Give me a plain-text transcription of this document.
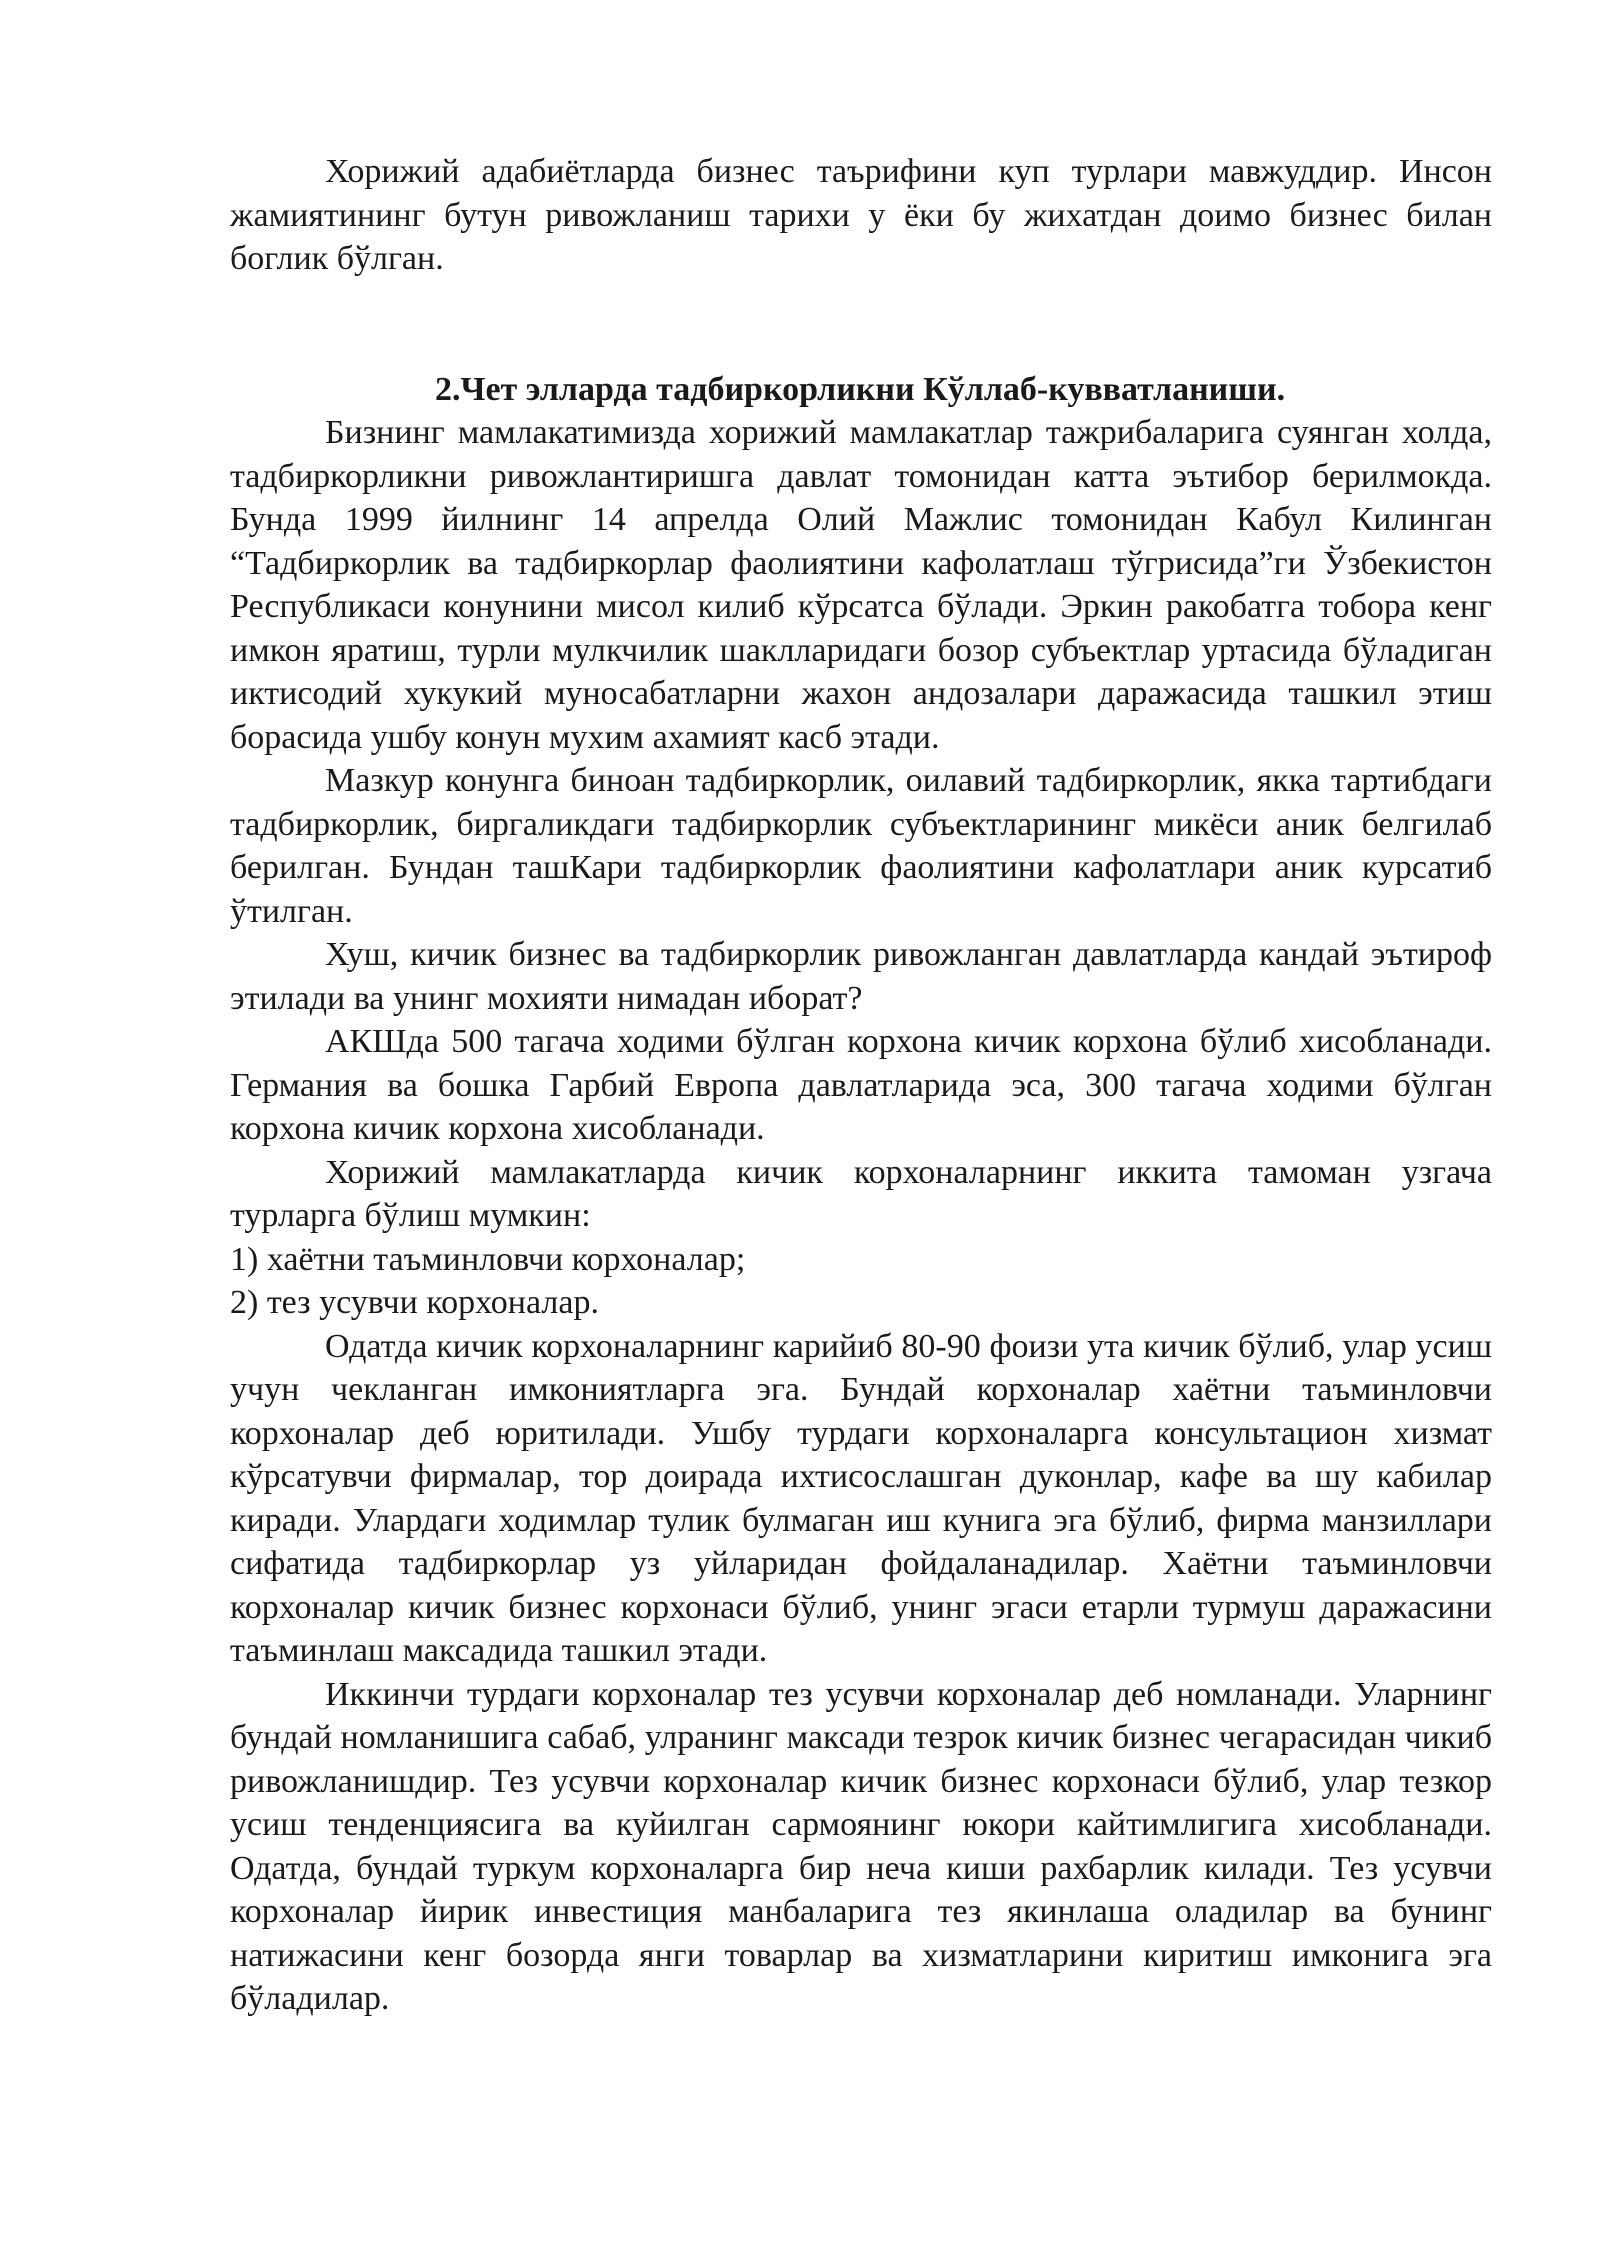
Хорижий адабиётларда бизнес таърифини куп турлари мавжуддир. Инсон жамиятининг бутун ривожланиш тарихи у ёки бу жихатдан доимо бизнес билан боглик бўлган.

2.Чет элларда тадбиркорликни Кўллаб-кувватланиши.

Бизнинг мамлакатимизда хорижий мамлакатлар тажрибаларига суянган холда, тадбиркорликни ривожлантиришга давлат томонидан катта эътибор берилмокда. Бунда 1999 йилнинг 14 апрелда Олий Мажлис томонидан Кабул Килинган “Тадбиркорлик ва тадбиркорлар фаолиятини кафолатлаш тўгрисида”ги Ўзбекистон Республикаси конунини мисол килиб кўрсатса бўлади. Эркин ракобатга тобора кенг имкон яратиш, турли мулкчилик шаклларидаги бозор субъектлар уртасида бўладиган иктисодий хукукий муносабатларни жахон андозалари даражасида ташкил этиш борасида ушбу конун мухим ахамият касб этади.

Мазкур конунга биноан тадбиркорлик, оилавий тадбиркорлик, якка тартибдаги тадбиркорлик, биргаликдаги тадбиркорлик субъектларининг микёси аник белгилаб берилган. Бундан ташКари тадбиркорлик фаолиятини кафолатлари аник курсатиб ўтилган.

Хуш, кичик бизнес ва тадбиркорлик ривожланган давлатларда кандай эътироф этилади ва унинг мохияти нимадан иборат?

АКШда 500 тагача ходими бўлган корхона кичик корхона бўлиб хисобланади. Германия ва бошка Гарбий Европа давлатларида эса, 300 тагача ходими бўлган корхона кичик корхона хисобланади.

Хорижий мамлакатларда кичик корхоналарнинг иккита тамоман узгача турларга бўлиш мумкин:

1) хаётни таъминловчи корхоналар;

2) тез усувчи корхоналар.

Одатда кичик корхоналарнинг карийиб 80-90 фоизи ута кичик бўлиб, улар усиш учун чекланган имкониятларга эга. Бундай корхоналар хаётни таъминловчи корхоналар деб юритилади. Ушбу турдаги корхоналарга консультацион хизмат кўрсатувчи фирмалар, тор доирада ихтисослашган дуконлар, кафе ва шу кабилар киради. Улардаги ходимлар тулик булмаган иш кунига эга бўлиб, фирма манзиллари сифатида тадбиркорлар уз уйларидан фойдаланадилар. Хаётни таъминловчи корхоналар кичик бизнес корхонаси бўлиб, унинг эгаси етарли турмуш даражасини таъминлаш максадида ташкил этади.

Иккинчи турдаги корхоналар тез усувчи корхоналар деб номланади. Уларнинг бундай номланишига сабаб, улранинг максади тезрок кичик бизнес чегарасидан чикиб ривожланишдир. Тез усувчи корхоналар кичик бизнес корхонаси бўлиб, улар тезкор усиш тенденциясига ва куйилган сармоянинг юкори кайтимлигига хисобланади. Одатда, бундай туркум корхоналарга бир неча киши рахбарлик килади. Тез усувчи корхоналар йирик инвестиция манбаларига тез якинлаша оладилар ва бунинг натижасини кенг бозорда янги товарлар ва хизматларини киритиш имконига эга бўладилар.
